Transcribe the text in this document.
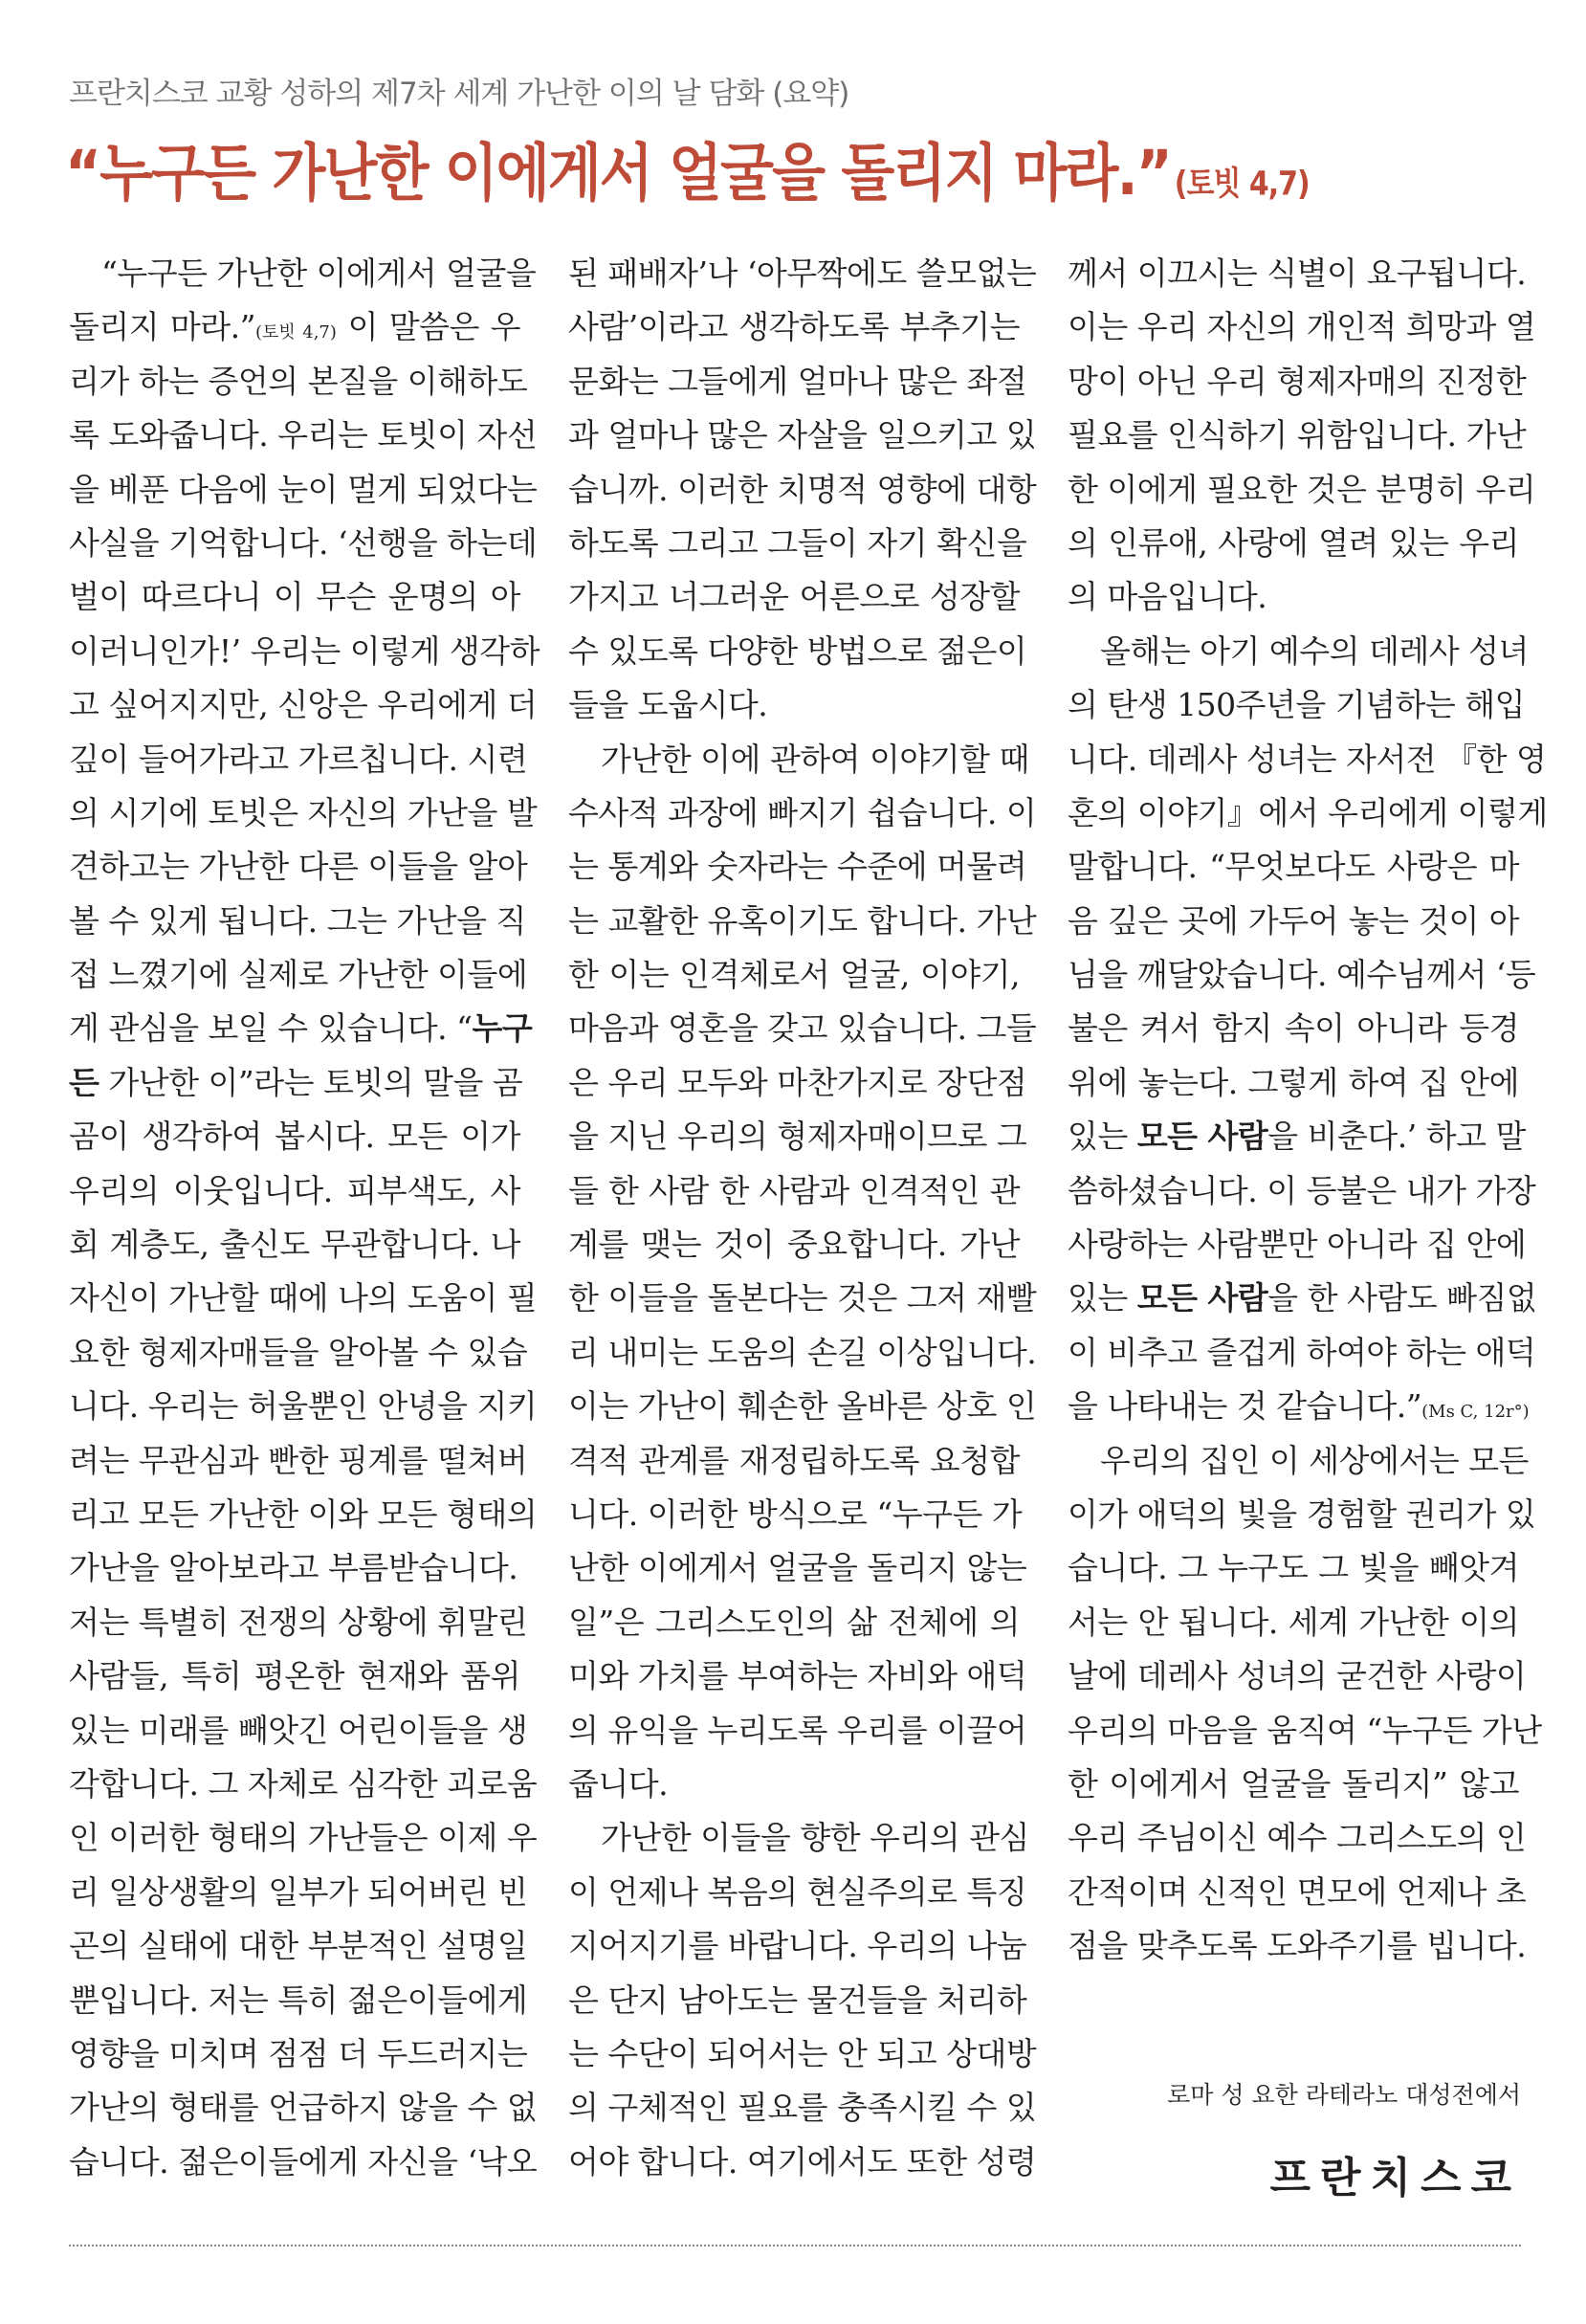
프란치스코 교황 성하의 제7차 세계 가난한 이의 날 담화 (요약)
“누구든 가난한 이에게서 얼굴을 돌리지 마라.” (토빗 4,7)
“누구든 가난한 이에게서 얼굴을
돌리지 마라.”(토빗 4,7) 이 말씀은 우
리가 하는 증언의 본질을 이해하도
록 도와줍니다. 우리는 토빗이 자선
을 베푼 다음에 눈이 멀게 되었다는
사실을 기억합니다. ‘선행을 하는데
벌이 따르다니 이 무슨 운명의 아
이러니인가!’ 우리는 이렇게 생각하
고 싶어지지만, 신앙은 우리에게 더
깊이 들어가라고 가르칩니다. 시련
의 시기에 토빗은 자신의 가난을 발
견하고는 가난한 다른 이들을 알아
볼 수 있게 됩니다. 그는 가난을 직
접 느꼈기에 실제로 가난한 이들에
게 관심을 보일 수 있습니다. “누구
든 가난한 이”라는 토빗의 말을 곰
곰이 생각하여 봅시다. 모든 이가
우리의 이웃입니다. 피부색도, 사
회 계층도, 출신도 무관합니다. 나
자신이 가난할 때에 나의 도움이 필
요한 형제자매들을 알아볼 수 있습
니다. 우리는 허울뿐인 안녕을 지키
려는 무관심과 빤한 핑계를 떨쳐버
리고 모든 가난한 이와 모든 형태의
가난을 알아보라고 부름받습니다.
저는 특별히 전쟁의 상황에 휘말린
사람들, 특히 평온한 현재와 품위
있는 미래를 빼앗긴 어린이들을 생
각합니다. 그 자체로 심각한 괴로움
인 이러한 형태의 가난들은 이제 우
리 일상생활의 일부가 되어버린 빈
곤의 실태에 대한 부분적인 설명일
뿐입니다. 저는 특히 젊은이들에게
영향을 미치며 점점 더 두드러지는
가난의 형태를 언급하지 않을 수 없
습니다. 젊은이들에게 자신을 ‘낙오
된 패배자’나 ‘아무짝에도 쓸모없는
사람’이라고 생각하도록 부추기는
문화는 그들에게 얼마나 많은 좌절
과 얼마나 많은 자살을 일으키고 있
습니까. 이러한 치명적 영향에 대항
하도록 그리고 그들이 자기 확신을
가지고 너그러운 어른으로 성장할
수 있도록 다양한 방법으로 젊은이
들을 도웁시다.
가난한 이에 관하여 이야기할 때
수사적 과장에 빠지기 쉽습니다. 이
는 통계와 숫자라는 수준에 머물려
는 교활한 유혹이기도 합니다. 가난
한 이는 인격체로서 얼굴, 이야기,
마음과 영혼을 갖고 있습니다. 그들
은 우리 모두와 마찬가지로 장단점
을 지닌 우리의 형제자매이므로 그
들 한 사람 한 사람과 인격적인 관
계를 맺는 것이 중요합니다. 가난
한 이들을 돌본다는 것은 그저 재빨
리 내미는 도움의 손길 이상입니다.
이는 가난이 훼손한 올바른 상호 인
격적 관계를 재정립하도록 요청합
니다. 이러한 방식으로 “누구든 가
난한 이에게서 얼굴을 돌리지 않는
일”은 그리스도인의 삶 전체에 의
미와 가치를 부여하는 자비와 애덕
의 유익을 누리도록 우리를 이끌어
줍니다.
가난한 이들을 향한 우리의 관심
이 언제나 복음의 현실주의로 특징
지어지기를 바랍니다. 우리의 나눔
은 단지 남아도는 물건들을 처리하
는 수단이 되어서는 안 되고 상대방
의 구체적인 필요를 충족시킬 수 있
어야 합니다. 여기에서도 또한 성령
께서 이끄시는 식별이 요구됩니다.
이는 우리 자신의 개인적 희망과 열
망이 아닌 우리 형제자매의 진정한
필요를 인식하기 위함입니다. 가난
한 이에게 필요한 것은 분명히 우리
의 인류애, 사랑에 열려 있는 우리
의 마음입니다.
올해는 아기 예수의 데레사 성녀
의 탄생 150주년을 기념하는 해입
니다. 데레사 성녀는 자서전 『한 영
혼의 이야기』에서 우리에게 이렇게
말합니다. “무엇보다도 사랑은 마
음 깊은 곳에 가두어 놓는 것이 아
님을 깨달았습니다. 예수님께서 ‘등
불은 켜서 함지 속이 아니라 등경
위에 놓는다. 그렇게 하여 집 안에
있는 모든 사람을 비춘다.’ 하고 말
씀하셨습니다. 이 등불은 내가 가장
사랑하는 사람뿐만 아니라 집 안에
있는 모든 사람을 한 사람도 빠짐없
이 비추고 즐겁게 하여야 하는 애덕
을 나타내는 것 같습니다.”(Ms C, 12r°)
우리의 집인 이 세상에서는 모든
이가 애덕의 빛을 경험할 권리가 있
습니다. 그 누구도 그 빛을 빼앗겨
서는 안 됩니다. 세계 가난한 이의
날에 데레사 성녀의 굳건한 사랑이
우리의 마음을 움직여 “누구든 가난
한 이에게서 얼굴을 돌리지” 않고
우리 주님이신 예수 그리스도의 인
간적이며 신적인 면모에 언제나 초
점을 맞추도록 도와주기를 빕니다.
로마 성 요한 라테라노 대성전에서
프란치스코
